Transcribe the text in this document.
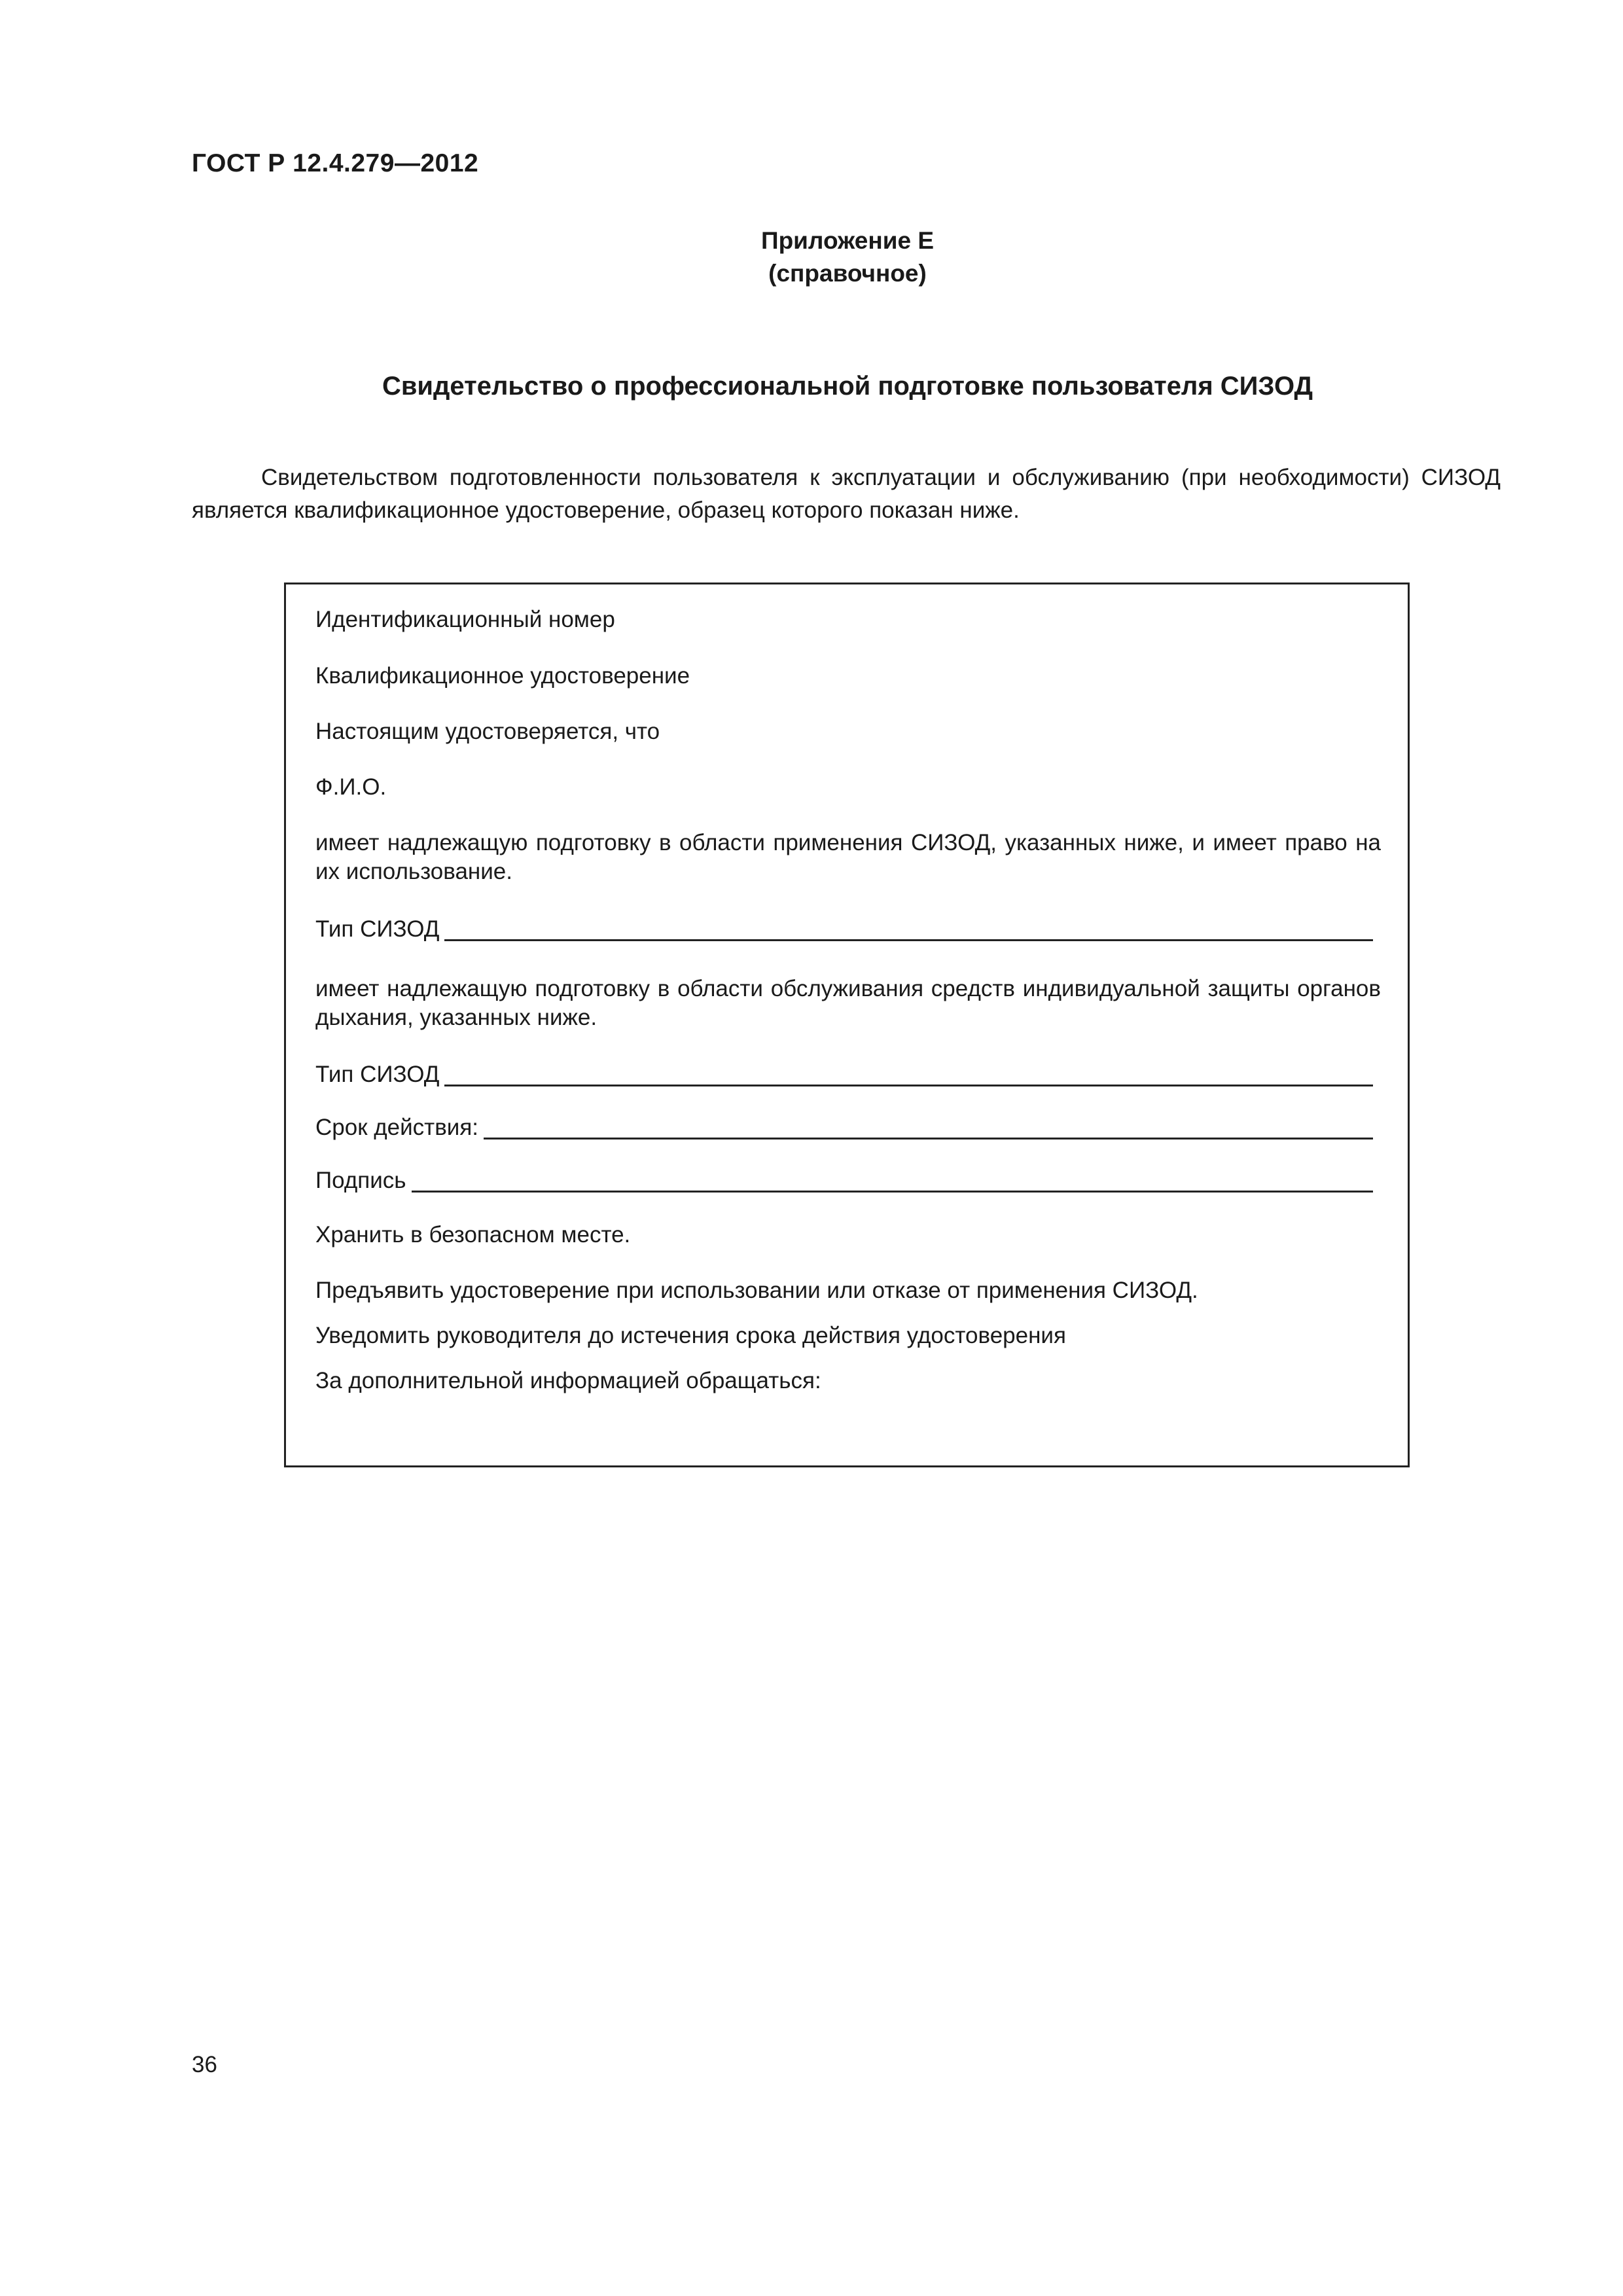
ГОСТ Р 12.4.279—2012
Приложение Е
(справочное)
Свидетельство о профессиональной подготовке пользователя СИЗОД

Свидетельством подготовленности пользователя к эксплуатации и обслуживанию (при необходимости) СИЗОД является квалификационное удостоверение, образец которого показан ниже.

Идентификационный номер
Квалификационное удостоверение
Настоящим удостоверяется, что
Ф.И.О.

имеет надлежащую подготовку в области применения СИЗОД, указанных ниже, и имеет право на их использование.

Тип СИЗОД

имеет надлежащую подготовку в области обслуживания средств индивидуальной защиты органов дыхания, указанных ниже.

Тип СИЗОД
Срок действия:
Подпись
Хранить в безопасном месте.
Предъявить удостоверение при использовании или отказе от применения СИЗОД.
Уведомить руководителя до истечения срока действия удостоверения
За дополнительной информацией обращаться:
36
